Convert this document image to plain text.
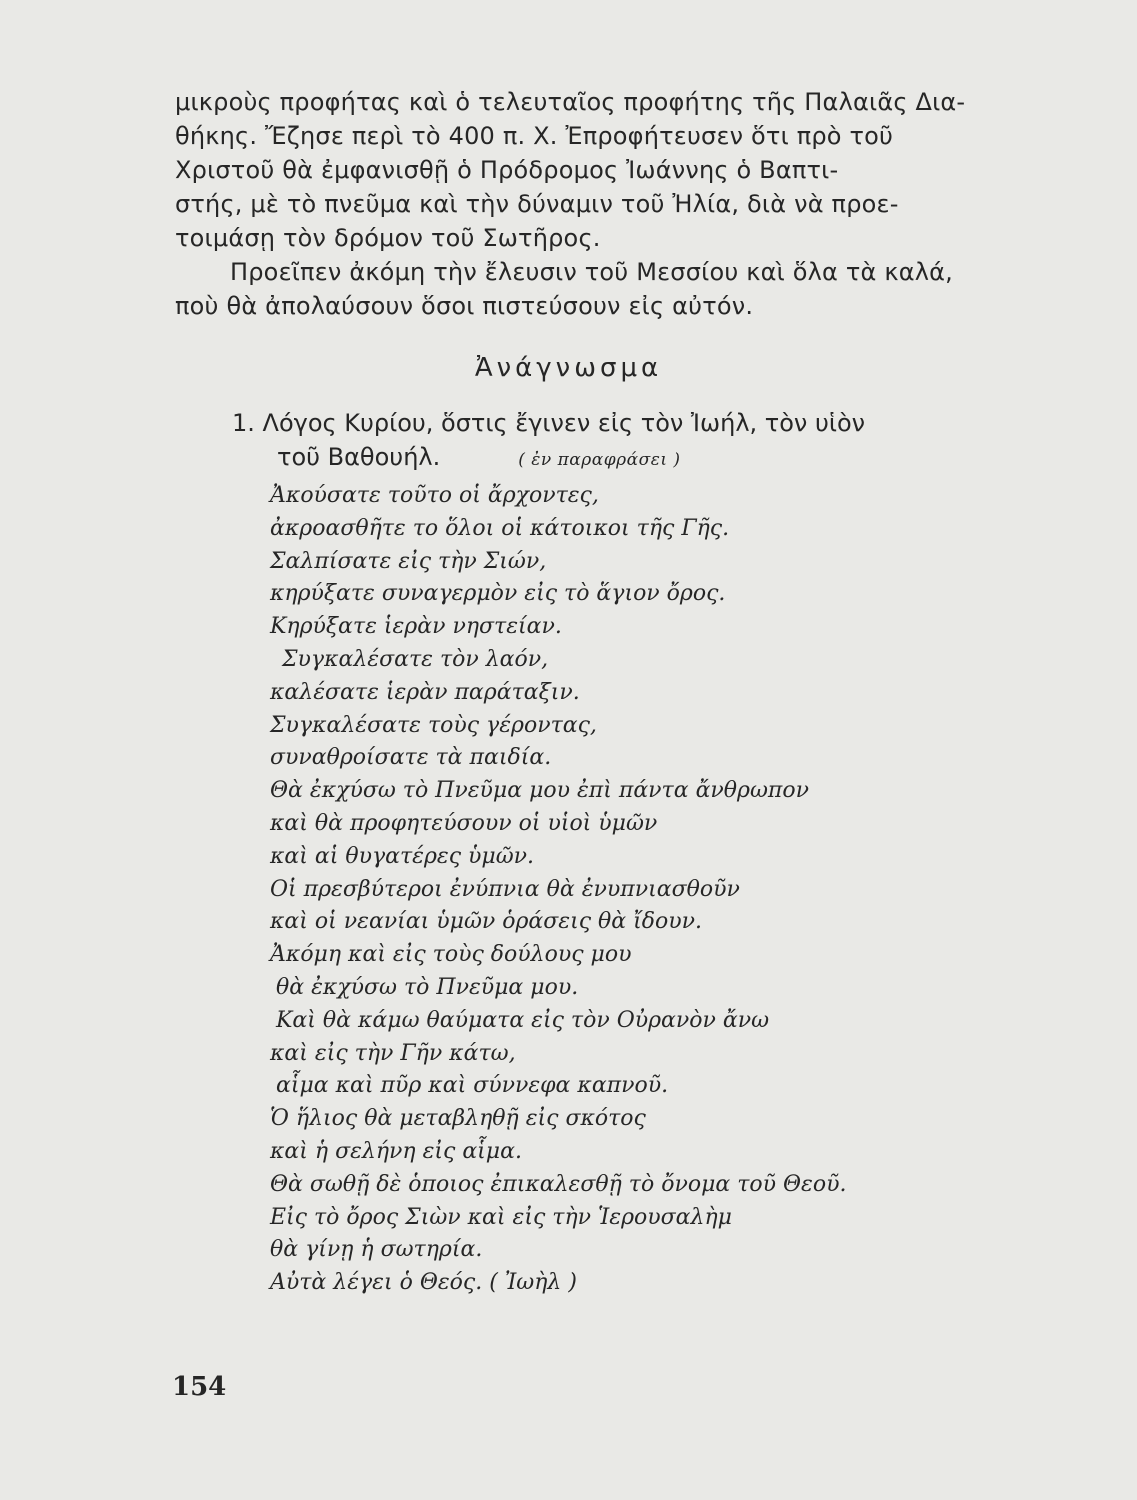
μικροὺς προφήτας καὶ ὁ τελευταῖος προφήτης τῆς Παλαιᾶς Δια-
θήκης. Ἔζησε περὶ τὸ 400 π. Χ. Ἐπροφήτευσεν ὅτι πρὸ τοῦ
Χριστοῦ θὰ ἐμφανισθῇ ὁ Πρόδρομος Ἰωάννης ὁ Βαπτι-
στής, μὲ τὸ πνεῦμα καὶ τὴν δύναμιν τοῦ Ἠλία, διὰ νὰ προε-
τοιμάσῃ τὸν δρόμον τοῦ Σωτῆρος.
Προεῖπεν ἀκόμη τὴν ἔλευσιν τοῦ Μεσσίου καὶ ὅλα τὰ καλά,
ποὺ θὰ ἀπολαύσουν ὅσοι πιστεύσουν εἰς αὐτόν.
Ἀνάγνωσμα
1. Λόγος Κυρίου, ὅστις ἔγινεν εἰς τὸν Ἰωήλ, τὸν υἱὸν
τοῦ Βαθουήλ.	( ἐν παραφράσει )
Ἀκούσατε τοῦτο οἱ ἄρχοντες,
ἀκροασθῆτε το ὅλοι οἱ κάτοικοι τῆς Γῆς.
Σαλπίσατε εἰς τὴν Σιών,
κηρύξατε συναγερμὸν εἰς τὸ ἅγιον ὄρος.
Κηρύξατε ἱερὰν νηστείαν.
Συγκαλέσατε τὸν λαόν,
καλέσατε ἱερὰν παράταξιν.
Συγκαλέσατε τοὺς γέροντας,
συναθροίσατε τὰ παιδία.
Θὰ ἐκχύσω τὸ Πνεῦμα μου ἐπὶ πάντα ἄνθρωπον
καὶ θὰ προφητεύσουν οἱ υἱοὶ ὑμῶν
καὶ αἱ θυγατέρες ὑμῶν.
Οἱ πρεσβύτεροι ἐνύπνια θὰ ἐνυπνιασθοῦν
καὶ οἱ νεανίαι ὑμῶν ὁράσεις θὰ ἴδουν.
Ἀκόμη καὶ εἰς τοὺς δούλους μου
θὰ ἐκχύσω τὸ Πνεῦμα μου.
Καὶ θὰ κάμω θαύματα εἰς τὸν Οὐρανὸν ἄνω
καὶ εἰς τὴν Γῆν κάτω,
αἷμα καὶ πῦρ καὶ σύννεφα καπνοῦ.
Ὁ ἥλιος θὰ μεταβληθῇ εἰς σκότος
καὶ ἡ σελήνη εἰς αἷμα.
Θὰ σωθῇ δὲ ὁποιος ἐπικαλεσθῇ τὸ ὄνομα τοῦ Θεοῦ.
Εἰς τὸ ὄρος Σιὼν καὶ εἰς τὴν Ἱερουσαλὴμ
θὰ γίνῃ ἡ σωτηρία.
Αὐτὰ λέγει ὁ Θεός. ( Ἰωὴλ )
154
